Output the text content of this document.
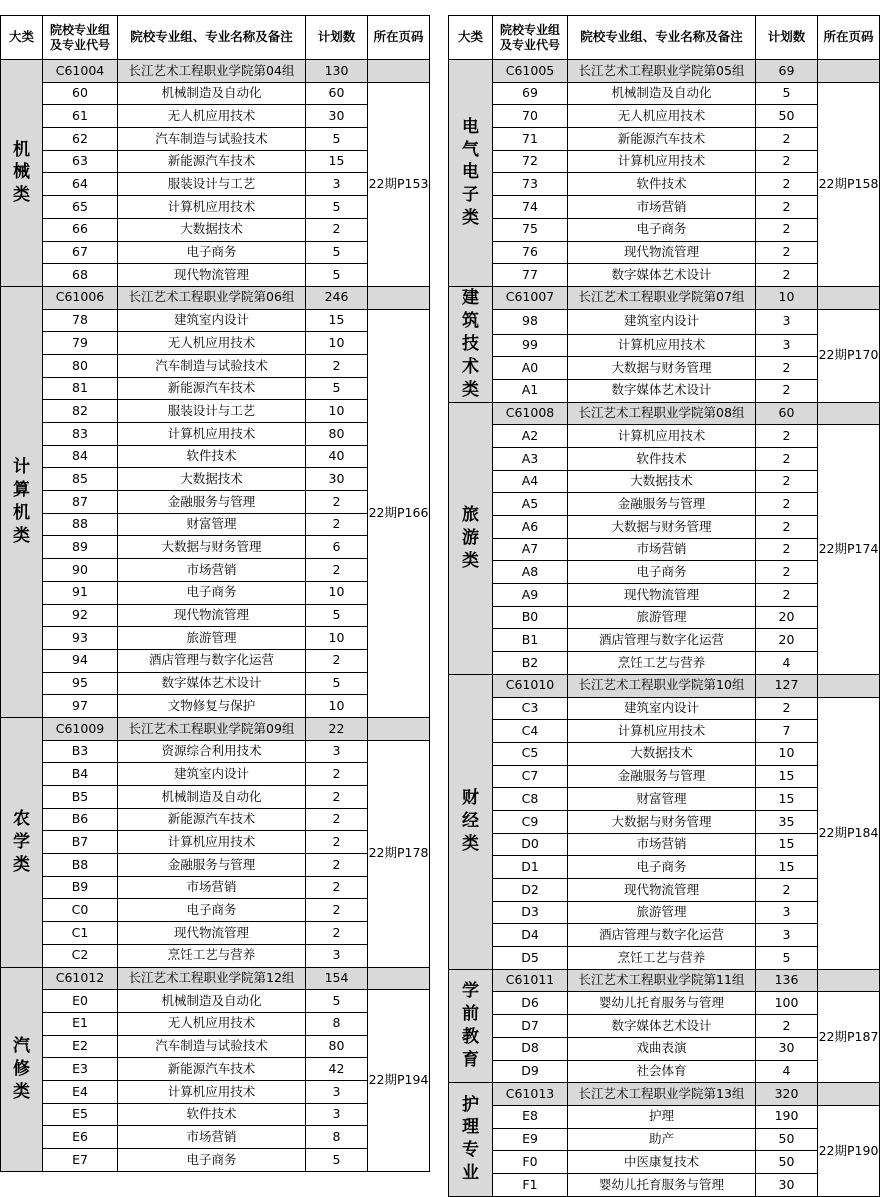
大类	院校专业组
及专业代号	院校专业组、专业名称及备注	计划数	所在页码

机
械
类	C61004	长江艺术工程职业学院第04组	130	
	60	机械制造及自动化	60	22期P153
	61	无人机应用技术	30	
	62	汽车制造与试验技术	5	
	63	新能源汽车技术	15	
	64	服装设计与工艺	3	
	65	计算机应用技术	5	
	66	大数据技术	2	
	67	电子商务	5	
	68	现代物流管理	5	

计
算
机
类	C61006	长江艺术工程职业学院第06组	246	
	78	建筑室内设计	15	22期P166
	79	无人机应用技术	10	
	80	汽车制造与试验技术	2	
	81	新能源汽车技术	5	
	82	服装设计与工艺	10	
	83	计算机应用技术	80	
	84	软件技术	40	
	85	大数据技术	30	
	87	金融服务与管理	2	
	88	财富管理	2	
	89	大数据与财务管理	6	
	90	市场营销	2	
	91	电子商务	10	
	92	现代物流管理	5	
	93	旅游管理	10	
	94	酒店管理与数字化运营	2	
	95	数字媒体艺术设计	5	
	97	文物修复与保护	10	

农
学
类	C61009	长江艺术工程职业学院第09组	22	
	B3	资源综合利用技术	3	22期P178
	B4	建筑室内设计	2	
	B5	机械制造及自动化	2	
	B6	新能源汽车技术	2	
	B7	计算机应用技术	2	
	B8	金融服务与管理	2	
	B9	市场营销	2	
	C0	电子商务	2	
	C1	现代物流管理	2	
	C2	烹饪工艺与营养	3	

汽
修
类	C61012	长江艺术工程职业学院第12组	154	
	E0	机械制造及自动化	5	22期P194
	E1	无人机应用技术	8	
	E2	汽车制造与试验技术	80	
	E3	新能源汽车技术	42	
	E4	计算机应用技术	3	
	E5	软件技术	3	
	E6	市场营销	8	
	E7	电子商务	5	
大类	院校专业组
及专业代号	院校专业组、专业名称及备注	计划数	所在页码

电
气
电
子
类	C61005	长江艺术工程职业学院第05组	69	
	69	机械制造及自动化	5	22期P158
	70	无人机应用技术	50	
	71	新能源汽车技术	2	
	72	计算机应用技术	2	
	73	软件技术	2	
	74	市场营销	2	
	75	电子商务	2	
	76	现代物流管理	2	
	77	数字媒体艺术设计	2	

建
筑
技
术
类	C61007	长江艺术工程职业学院第07组	10	
	98	建筑室内设计	3	22期P170
	99	计算机应用技术	3	
	A0	大数据与财务管理	2	
	A1	数字媒体艺术设计	2	

旅
游
类	C61008	长江艺术工程职业学院第08组	60	
	A2	计算机应用技术	2	22期P174
	A3	软件技术	2	
	A4	大数据技术	2	
	A5	金融服务与管理	2	
	A6	大数据与财务管理	2	
	A7	市场营销	2	
	A8	电子商务	2	
	A9	现代物流管理	2	
	B0	旅游管理	20	
	B1	酒店管理与数字化运营	20	
	B2	烹饪工艺与营养	4	

财
经
类	C61010	长江艺术工程职业学院第10组	127	
	C3	建筑室内设计	2	22期P184
	C4	计算机应用技术	7	
	C5	大数据技术	10	
	C7	金融服务与管理	15	
	C8	财富管理	15	
	C9	大数据与财务管理	35	
	D0	市场营销	15	
	D1	电子商务	15	
	D2	现代物流管理	2	
	D3	旅游管理	3	
	D4	酒店管理与数字化运营	3	
	D5	烹饪工艺与营养	5	

学
前
教
育	C61011	长江艺术工程职业学院第11组	136	
	D6	婴幼儿托育服务与管理	100	22期P187
	D7	数字媒体艺术设计	2	
	D8	戏曲表演	30	
	D9	社会体育	4	

护
理
专
业	C61013	长江艺术工程职业学院第13组	320	
	E8	护理	190	22期P190
	E9	助产	50	
	F0	中医康复技术	50	
	F1	婴幼儿托育服务与管理	30	
